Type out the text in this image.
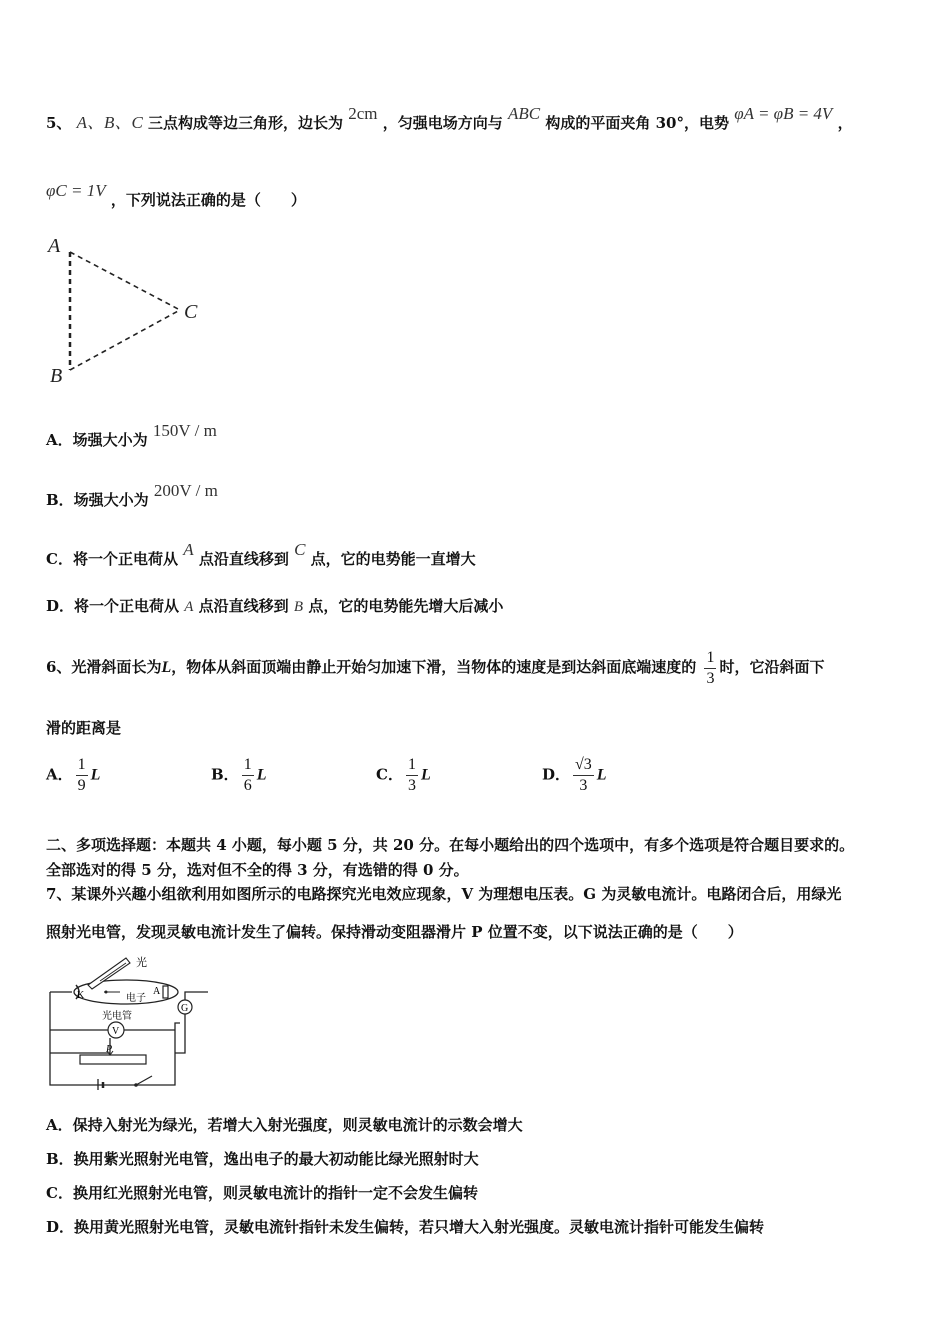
5、 A、B、C 三点构成等边三角形，边长为 2cm ，匀强电场方向与 ABC 构成的平面夹角 30°，电势 φA = φB = 4V ，
φC = 1V ，下列说法正确的是（　　）
A
B
C
A．场强大小为 150V / m
B．场强大小为 200V / m
C．将一个正电荷从 A 点沿直线移到 C 点，它的电势能一直增大
D．将一个正电荷从 A 点沿直线移到 B 点，它的电势能先增大后减小
6、光滑斜面长为L，物体从斜面顶端由静止开始匀加速下滑，当物体的速度是到达斜面底端速度的 $\frac{1}{3}$ 时，它沿斜面下
滑的距离是
A． $\frac{1}{9}$ L	B． $\frac{1}{6}$ L	C． $\frac{1}{3}$ L	D． $\frac{√3}{3}$ L
二、多项选择题：本题共 4 小题，每小题 5 分，共 20 分。在每小题给出的四个选项中，有多个选项是符合题目要求的。
全部选对的得 5 分，选对但不全的得 3 分，有选错的得 0 分。
7、某课外兴趣小组欲利用如图所示的电路探究光电效应现象，V 为理想电压表。G 为灵敏电流计。电路闭合后，用绿光
照射光电管，发现灵敏电流计发生了偏转。保持滑动变阻器滑片 P 位置不变，以下说法正确的是（　　）
光
K	A
电子
光电管
G
V
P
A．保持入射光为绿光，若增大入射光强度，则灵敏电流计的示数会增大
B．换用紫光照射光电管，逸出电子的最大初动能比绿光照射时大
C．换用红光照射光电管，则灵敏电流计的指针一定不会发生偏转
D．换用黄光照射光电管，灵敏电流针指针未发生偏转，若只增大入射光强度。灵敏电流计指针可能发生偏转
